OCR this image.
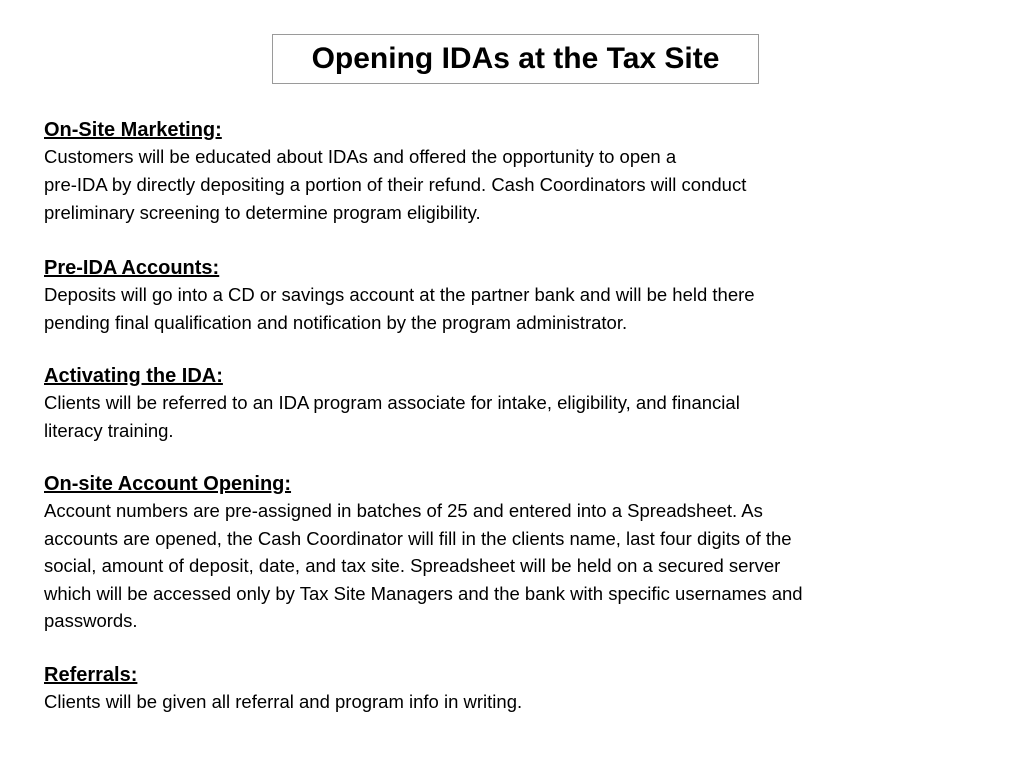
Opening IDAs at the Tax Site
On-Site Marketing:
Customers will be educated about IDAs and offered the opportunity to open a
pre-IDA by directly depositing a portion of their refund. Cash Coordinators will conduct
preliminary screening to determine program eligibility.
Pre-IDA Accounts:
Deposits will go into a CD or savings account at the partner bank and will be held there
pending final qualification and notification by the program administrator.
Activating the IDA:
Clients will be referred to an IDA program associate for intake, eligibility, and financial
literacy training.
On-site Account Opening:
Account numbers are pre-assigned in batches of 25 and entered into a Spreadsheet. As
accounts are opened, the Cash Coordinator will fill in the clients name, last four digits of the
social, amount of deposit, date, and tax site. Spreadsheet will be held on a secured server
which will be accessed only by Tax Site Managers and the bank with specific usernames and
passwords.
Referrals:
Clients will be given all referral and program info in writing.
